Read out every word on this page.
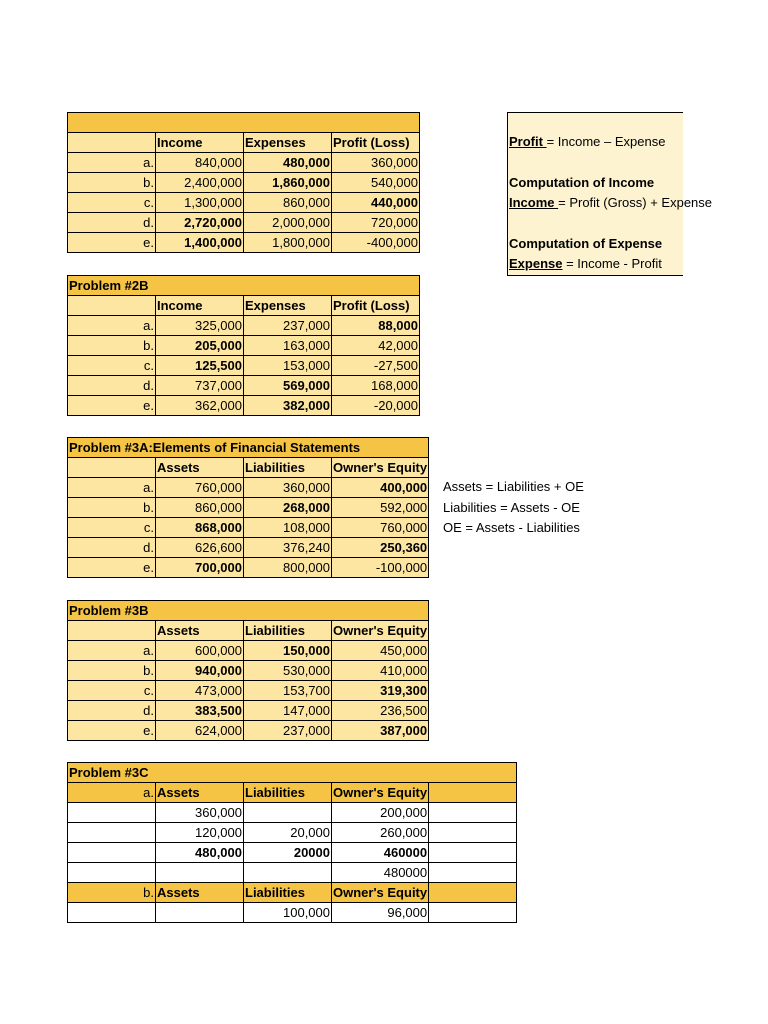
	Income	Expenses	Profit (Loss)
a.	840,000	480,000	360,000
b.	2,400,000	1,860,000	540,000
c.	1,300,000	860,000	440,000
d.	2,720,000	2,000,000	720,000
e.	1,400,000	1,800,000	-400,000
Profit = Income – Expense
Computation of Income
Income = Profit (Gross) + Expense
Computation of Expense
Expense = Income - Profit
Problem #2B			
	Income	Expenses	Profit (Loss)
a.	325,000	237,000	88,000
b.	205,000	163,000	42,000
c.	125,500	153,000	-27,500
d.	737,000	569,000	168,000
e.	362,000	382,000	-20,000
Problem #3A:Elements of Financial Statements			
	Assets	Liabilities	Owner's Equity
a.	760,000	360,000	400,000
b.	860,000	268,000	592,000
c.	868,000	108,000	760,000
d.	626,600	376,240	250,360
e.	700,000	800,000	-100,000
Assets = Liabilities + OE
Liabilities = Assets - OE
OE = Assets - Liabilities
Problem #3B			
	Assets	Liabilities	Owner's Equity
a.	600,000	150,000	450,000
b.	940,000	530,000	410,000
c.	473,000	153,700	319,300
d.	383,500	147,000	236,500
e.	624,000	237,000	387,000
Problem #3C				
a.	Assets	Liabilities	Owner's Equity	
	360,000		200,000	
	120,000	20,000	260,000	
	480,000	20000	460000	
			480000	
b.	Assets	Liabilities	Owner's Equity	
		100,000	96,000	
